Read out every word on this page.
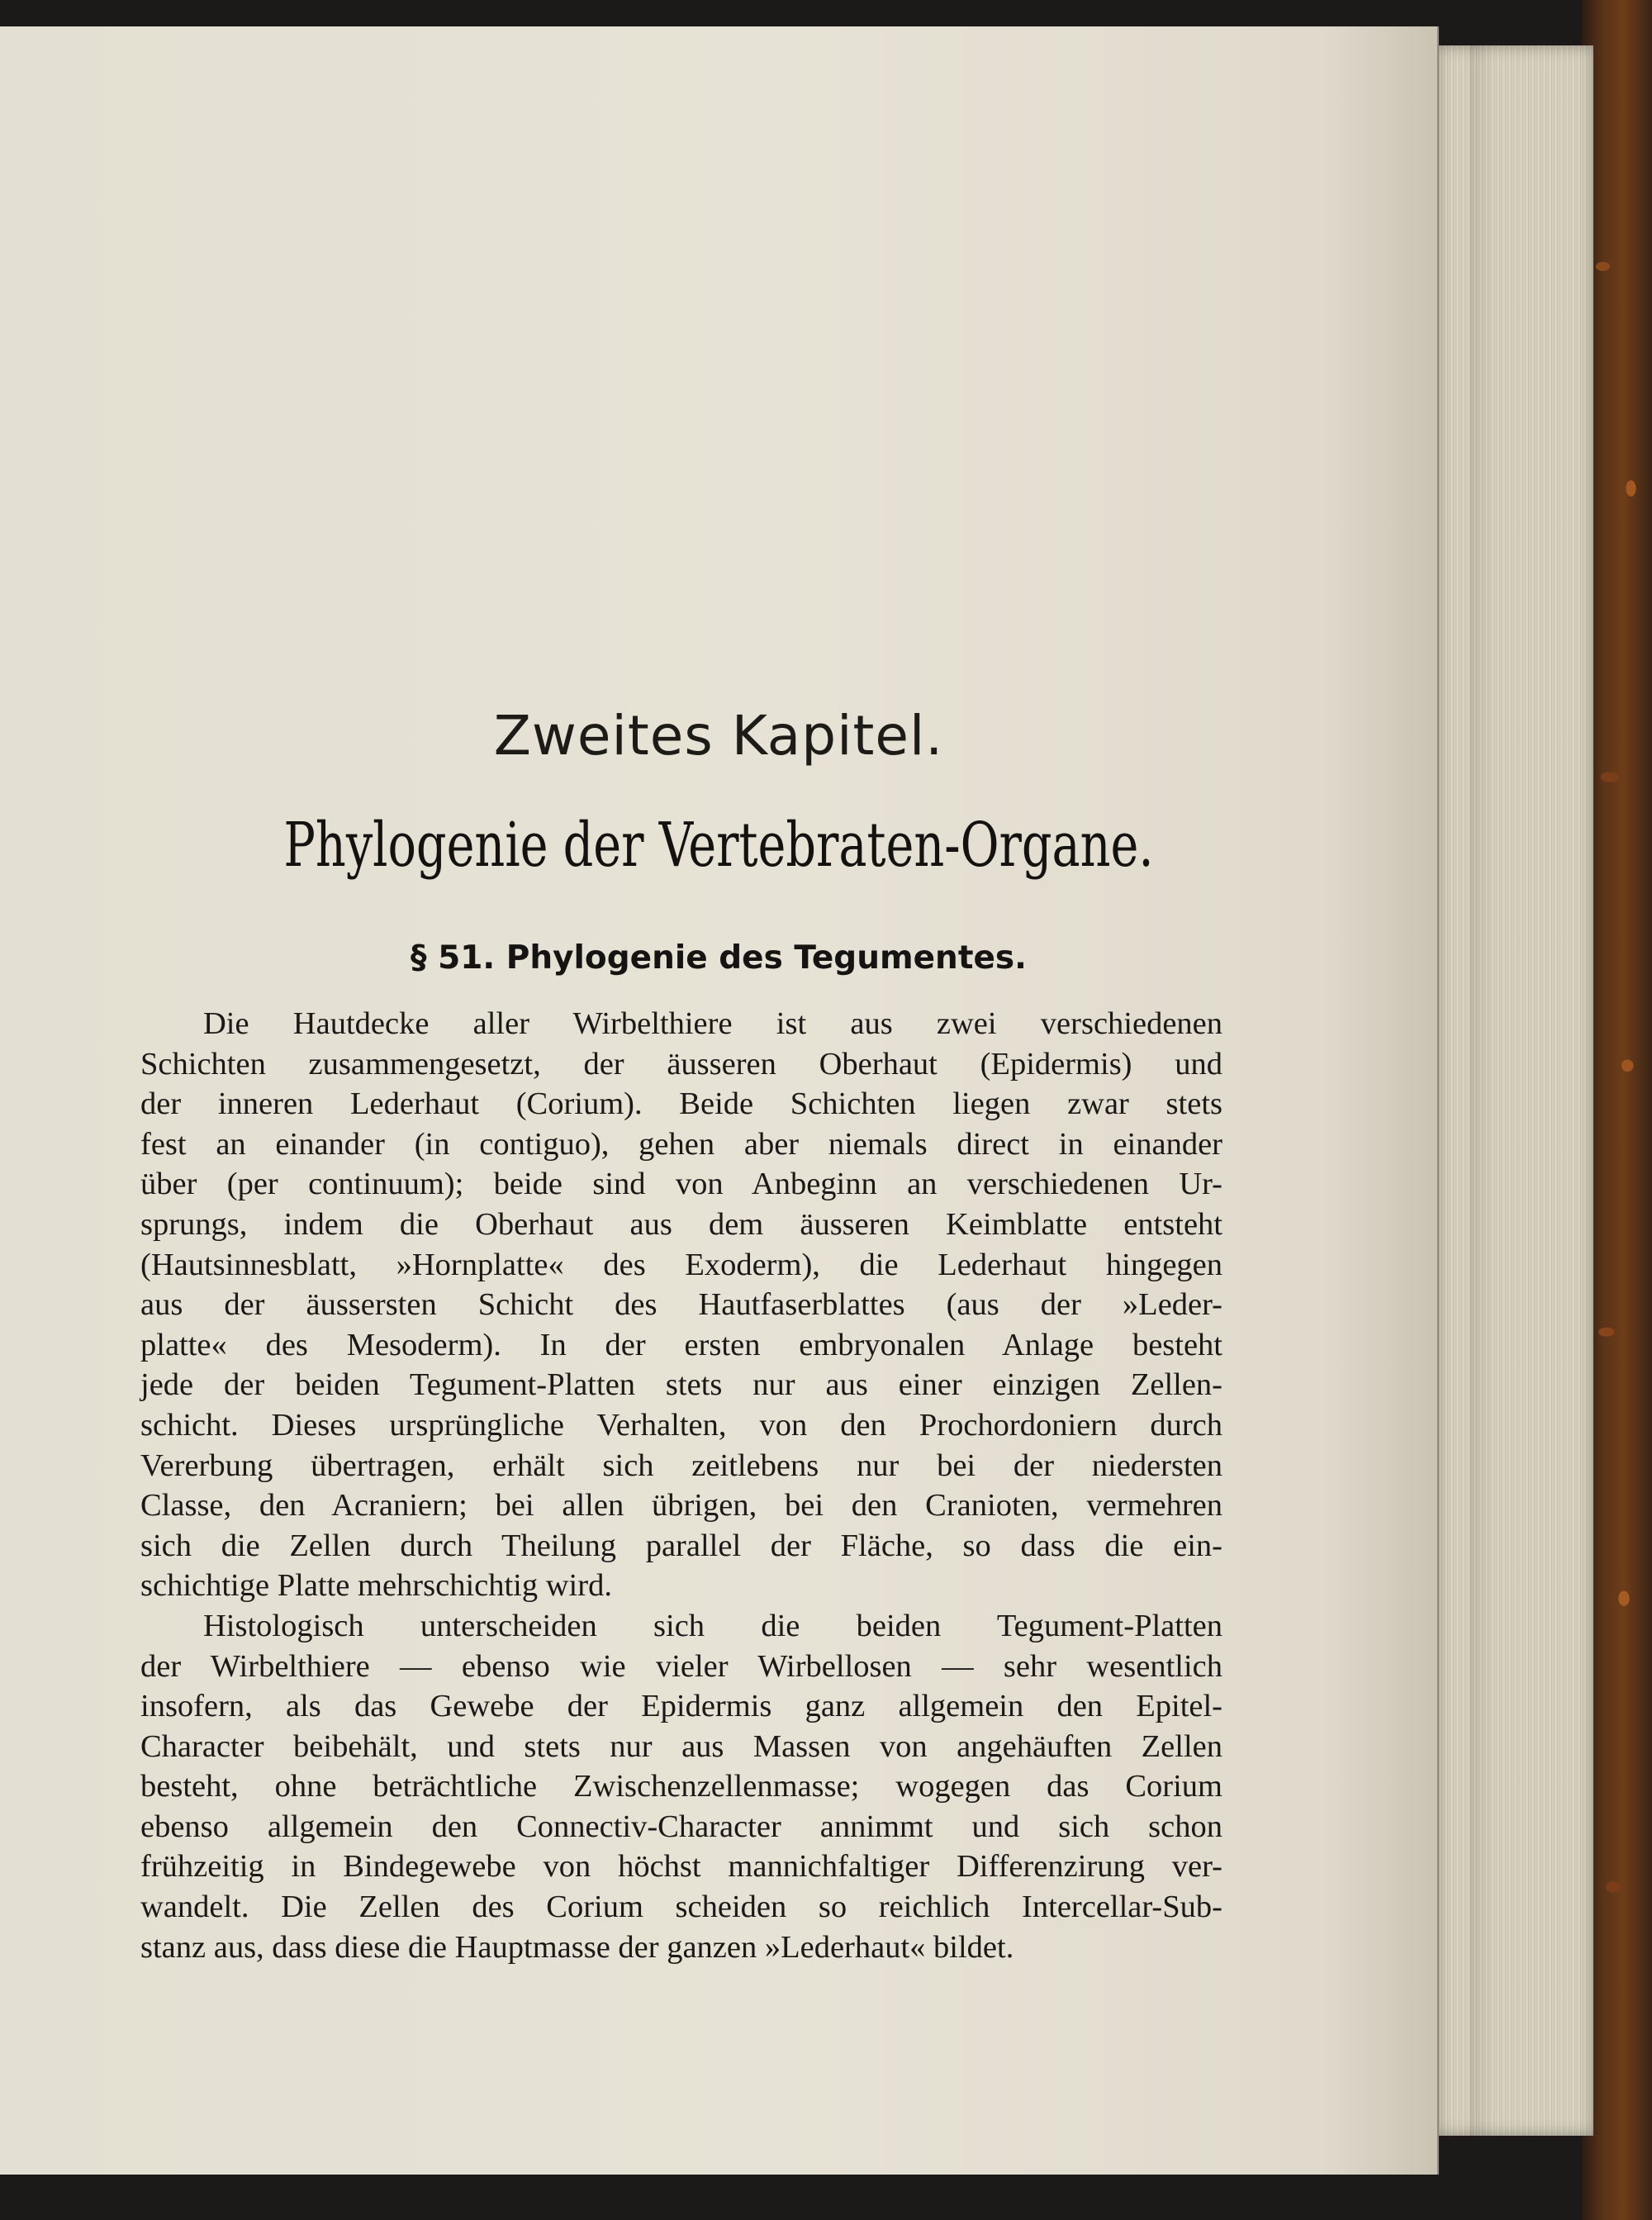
Zweites Kapitel.
Phylogenie der Vertebraten-Organe.
§ 51. Phylogenie des Tegumentes.
Die Hautdecke aller Wirbelthiere ist aus zwei verschiedenen
Schichten zusammengesetzt, der äusseren Oberhaut (Epidermis) und
der inneren Lederhaut (Corium). Beide Schichten liegen zwar stets
fest an einander (in contiguo), gehen aber niemals direct in einander
über (per continuum); beide sind von Anbeginn an verschiedenen Ur-
sprungs, indem die Oberhaut aus dem äusseren Keimblatte entsteht
(Hautsinnesblatt, »Hornplatte« des Exoderm), die Lederhaut hingegen
aus der äussersten Schicht des Hautfaserblattes (aus der »Leder-
platte« des Mesoderm). In der ersten embryonalen Anlage besteht
jede der beiden Tegument-Platten stets nur aus einer einzigen Zellen-
schicht. Dieses ursprüngliche Verhalten, von den Prochordoniern durch
Vererbung übertragen, erhält sich zeitlebens nur bei der niedersten
Classe, den Acraniern; bei allen übrigen, bei den Cranioten, vermehren
sich die Zellen durch Theilung parallel der Fläche, so dass die ein-
schichtige Platte mehrschichtig wird.
Histologisch unterscheiden sich die beiden Tegument-Platten
der Wirbelthiere — ebenso wie vieler Wirbellosen — sehr wesentlich
insofern, als das Gewebe der Epidermis ganz allgemein den Epitel-
Character beibehält, und stets nur aus Massen von angehäuften Zellen
besteht, ohne beträchtliche Zwischenzellenmasse; wogegen das Corium
ebenso allgemein den Connectiv-Character annimmt und sich schon
frühzeitig in Bindegewebe von höchst mannichfaltiger Differenzirung ver-
wandelt. Die Zellen des Corium scheiden so reichlich Intercellar-Sub-
stanz aus, dass diese die Hauptmasse der ganzen »Lederhaut« bildet.
